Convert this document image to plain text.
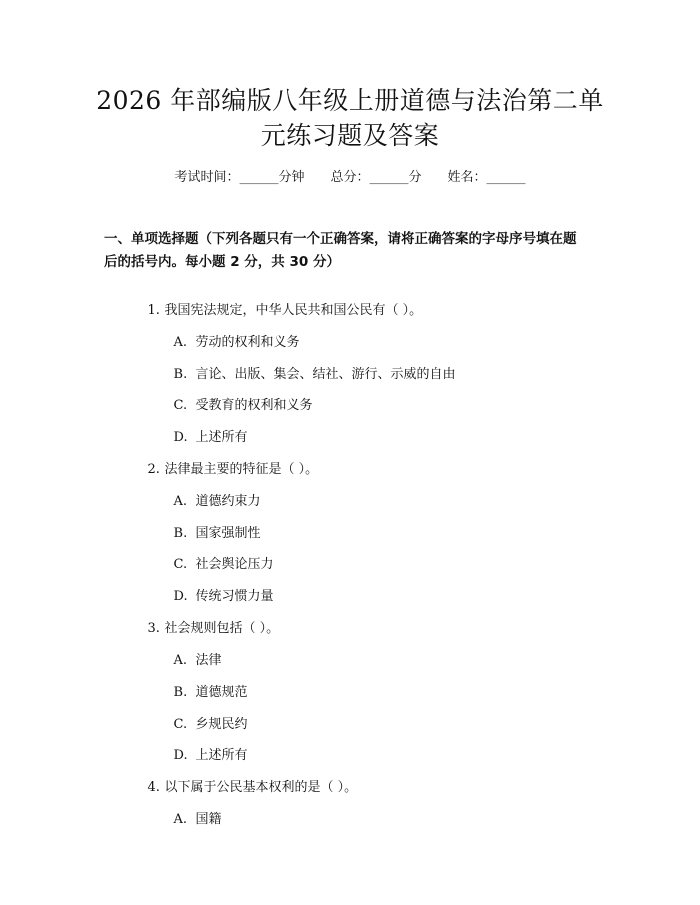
2026 年部编版八年级上册道德与法治第二单
元练习题及答案
考试时间：______分钟　　总分：______分　　姓名：______
一、单项选择题（下列各题只有一个正确答案，请将正确答案的字母序号填在题
后的括号内。每小题 2 分，共 30 分）

1. 我国宪法规定，中华人民共和国公民有（ ）。

A. 劳动的权利和义务

B. 言论、出版、集会、结社、游行、示威的自由

C. 受教育的权利和义务

D. 上述所有

2. 法律最主要的特征是（ ）。

A. 道德约束力

B. 国家强制性

C. 社会舆论压力

D. 传统习惯力量

3. 社会规则包括（ ）。

A. 法律

B. 道德规范

C. 乡规民约

D. 上述所有

4. 以下属于公民基本权利的是（ ）。

A. 国籍
